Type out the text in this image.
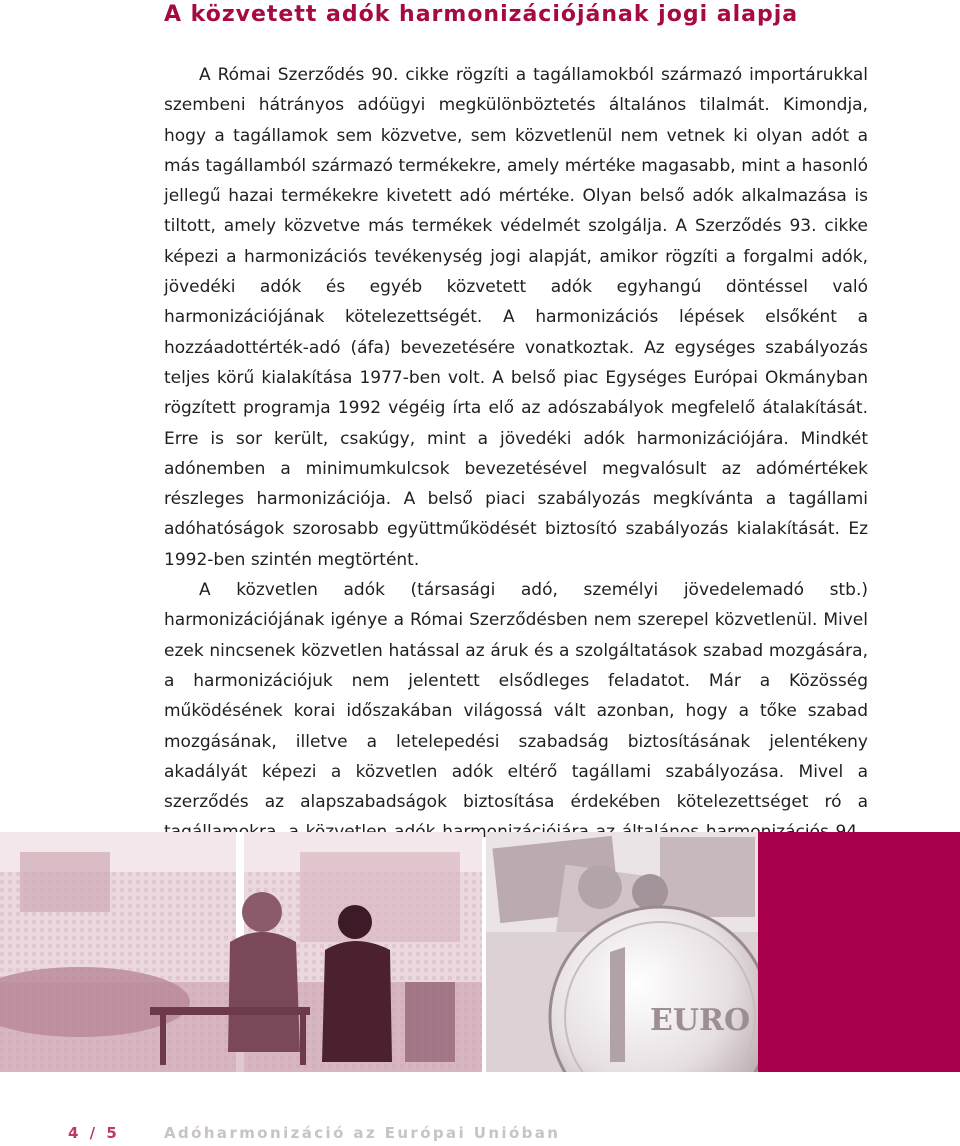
A közvetett adók harmonizációjának jogi alapja

A Római Szerződés 90. cikke rögzíti a tagállamokból származó importárukkal szembeni hátrányos adóügyi megkülönböztetés általános tilalmát. Kimondja, hogy a tagállamok sem közvetve, sem közvetlenül nem vetnek ki olyan adót a más tagállamból származó termékekre, amely mértéke magasabb, mint a hasonló jellegű hazai termékekre kivetett adó mértéke. Olyan belső adók alkalmazása is tiltott, amely közvetve más termékek védelmét szolgálja. A Szerződés 93. cikke képezi a harmonizációs tevékenység jogi alapját, amikor rögzíti a forgalmi adók, jövedéki adók és egyéb közvetett adók egyhangú döntéssel való harmonizációjának kötelezettségét. A harmonizációs lépések elsőként a hozzáadottérték-adó (áfa) bevezetésére vonatkoztak. Az egységes szabályozás teljes körű kialakítása 1977-ben volt. A belső piac Egységes Európai Okmányban rögzített programja 1992 végéig írta elő az adószabályok megfelelő átalakítását. Erre is sor került, csakúgy, mint a jövedéki adók harmonizációjára. Mindkét adónemben a minimumkulcsok bevezetésével megvalósult az adómértékek részleges harmonizációja. A belső piaci szabályozás megkívánta a tagállami adóhatóságok szorosabb együttműködését biztosító szabályozás kialakítását. Ez 1992-ben szintén megtörtént.

A közvetlen adók (társasági adó, személyi jövedelemadó stb.) harmonizációjának igénye a Római Szerződésben nem szerepel közvetlenül. Mivel ezek nincsenek közvetlen hatással az áruk és a szolgáltatások szabad mozgására, a harmonizációjuk nem jelentett elsődleges feladatot. Már a Közösség működésének korai időszakában világossá vált azonban, hogy a tőke szabad mozgásának, illetve a letelepedési szabadság biztosításának jelentékeny akadályát képezi a közvetlen adók eltérő tagállami szabályozása. Mivel a szerződés az alapszabadságok biztosítása érdekében kötelezettséget ró a

EURO
4 / 5	Adóharmonizáció az Európai Unióban
